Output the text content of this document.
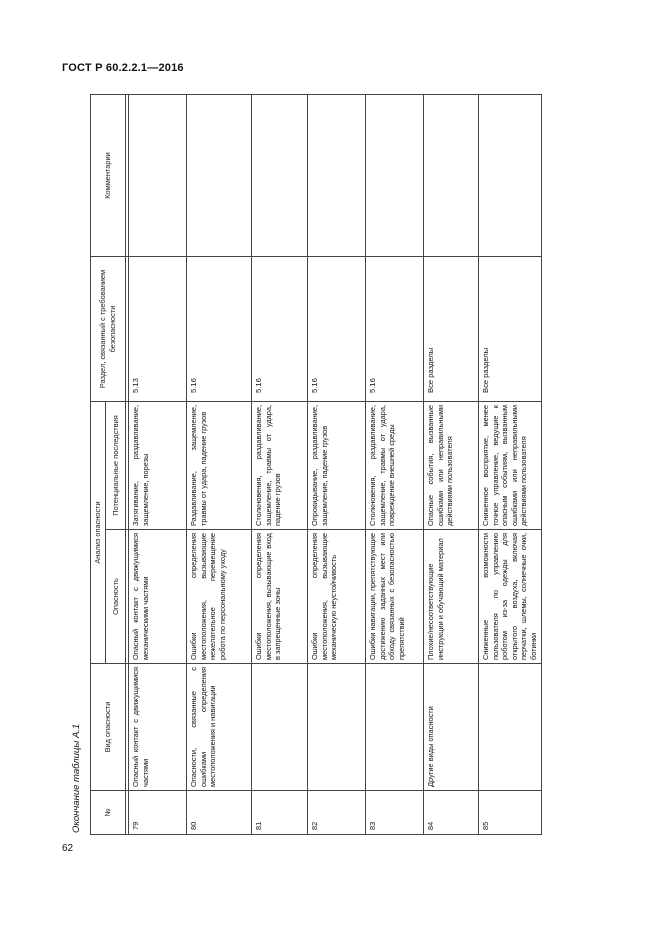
ГОСТ Р 60.2.2.1—2016
Окончание таблицы А.1	№	Вид опасности	Анализ опасности		Раздел, связанный с требованием безопасности	Комментарии
		Опасность	Потенциальные последствия		

79	Опасный контакт с движущимися частями	Опасный контакт с движущимися механическими частями	Затягивание, раздавливание, защемление, порезы	5.13	
80	Опасности, связанные с ошибками определения местоположения и навигации	Ошибки определения местоположения, вызывающие нежелательное перемещение робота по персональному уходу	Раздавливание, защемление, травмы от удара, падение грузов	5.16	
81		Ошибки определения местоположения, вызывающие вход в запрещенные зоны	Столкновения, раздавливание, защемление, травмы от удара, падение грузов	5.16	
82		Ошибки определения местоположения, вызывающие механическую неустойчивость	Опрокидывание, раздавливание, защемление, падение грузов	5.16	
83		Ошибки навигации, препятствующие достижению заданных мест или обходу связанных с безопасностью препятствий	Столкновения, раздавливание, защемление, травмы от удара, повреждение внешней среды	5.16	
84	Другие виды опасности	Плохие/несоответствующие инструкции и обучающий материал	Опасные события, вызванные ошибками или неправильными действиями пользователя	Все разделы	
85		Сниженные возможности пользователя по управлению роботом из-за одежды для открытого воздуха, включая перчатки, шлемы, солнечные очки, ботинки	Сниженное восприятие, менее точное управление, ведущие к опасным событиям, вызванным ошибками или неправильными действиями пользователя	Все разделы	
62
